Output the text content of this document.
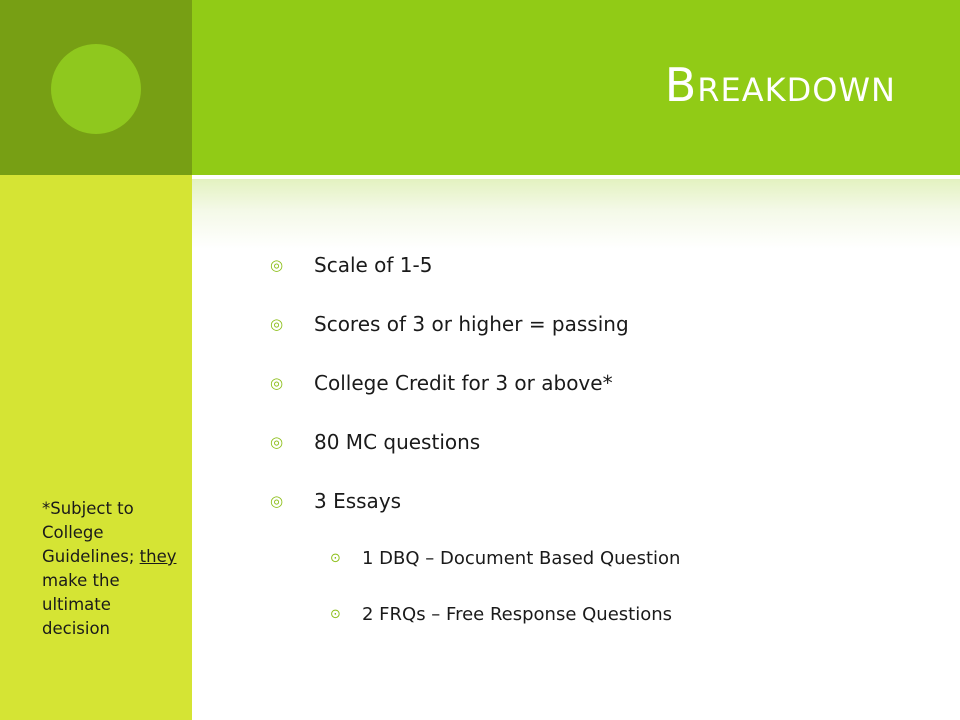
Breakdown
*Subject to College Guidelines; they make the ultimate decision
◎	Scale of 1-5
◎	Scores of 3 or higher = passing
◎	College Credit for 3 or above*
◎	80 MC questions
◎	3 Essays
⊙	1 DBQ – Document Based Question
⊙	2 FRQs – Free Response Questions
